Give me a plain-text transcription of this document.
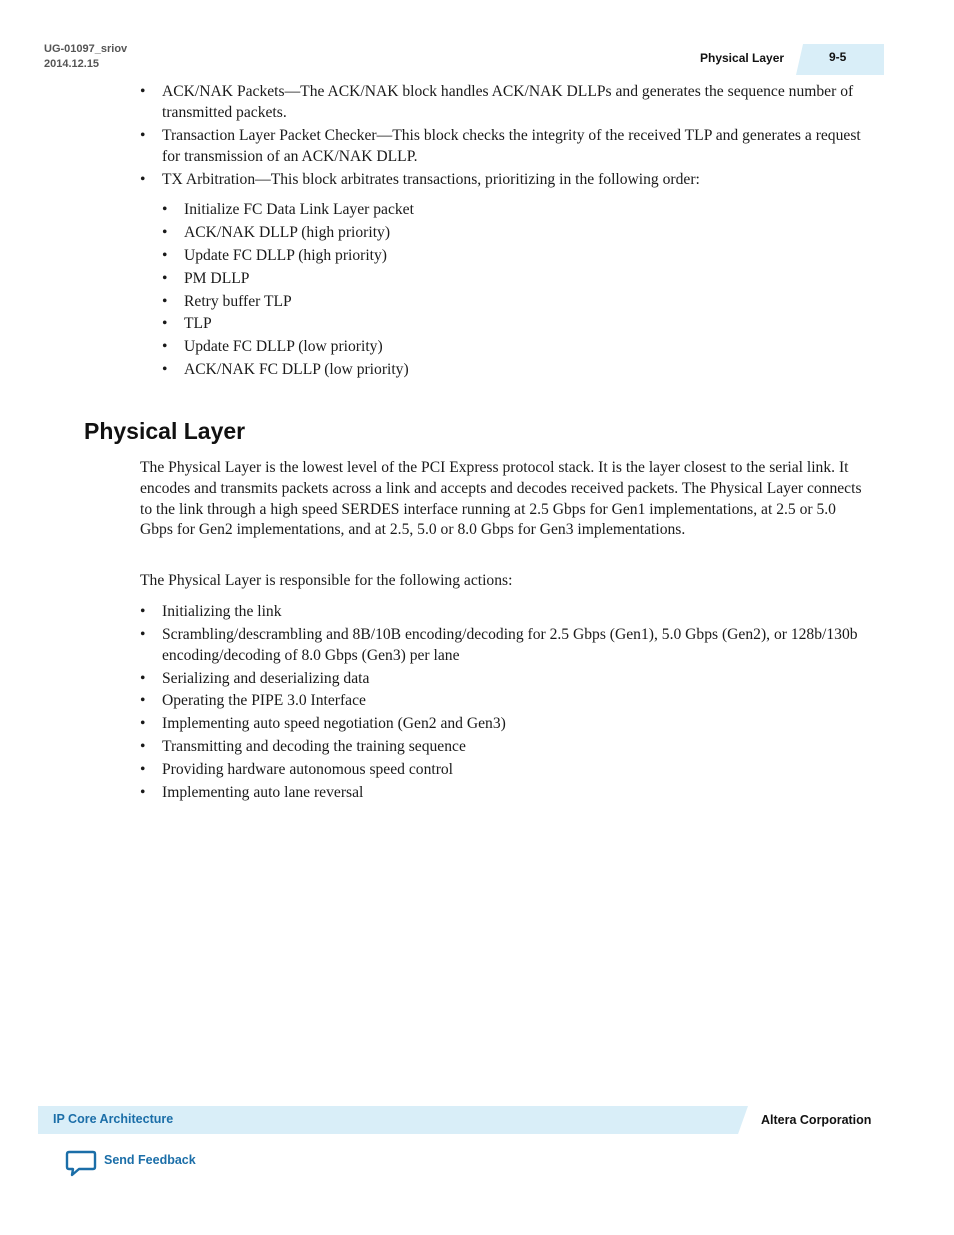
UG-01097_sriov
2014.12.15	Physical Layer	9-5
• ACK/NAK Packets—The ACK/NAK block handles ACK/NAK DLLPs and generates the sequence number of transmitted packets.
• Transaction Layer Packet Checker—This block checks the integrity of the received TLP and generates a request for transmission of an ACK/NAK DLLP.
• TX Arbitration—This block arbitrates transactions, prioritizing in the following order:
• Initialize FC Data Link Layer packet
• ACK/NAK DLLP (high priority)
• Update FC DLLP (high priority)
• PM DLLP
• Retry buffer TLP
• TLP
• Update FC DLLP (low priority)
• ACK/NAK FC DLLP (low priority)
Physical Layer

The Physical Layer is the lowest level of the PCI Express protocol stack. It is the layer closest to the serial link. It encodes and transmits packets across a link and accepts and decodes received packets. The Physical Layer connects to the link through a high speed SERDES interface running at 2.5 Gbps for Gen1 implementations, at 2.5 or 5.0 Gbps for Gen2 implementations, and at 2.5, 5.0 or 8.0 Gbps for Gen3 implementations.

The Physical Layer is responsible for the following actions:

• Initializing the link
• Scrambling/descrambling and 8B/10B encoding/decoding for 2.5 Gbps (Gen1), 5.0 Gbps (Gen2), or 128b/130b encoding/decoding of 8.0 Gbps (Gen3) per lane
• Serializing and deserializing data
• Operating the PIPE 3.0 Interface
• Implementing auto speed negotiation (Gen2 and Gen3)
• Transmitting and decoding the training sequence
• Providing hardware autonomous speed control
• Implementing auto lane reversal
IP Core Architecture	Altera Corporation
Send Feedback
